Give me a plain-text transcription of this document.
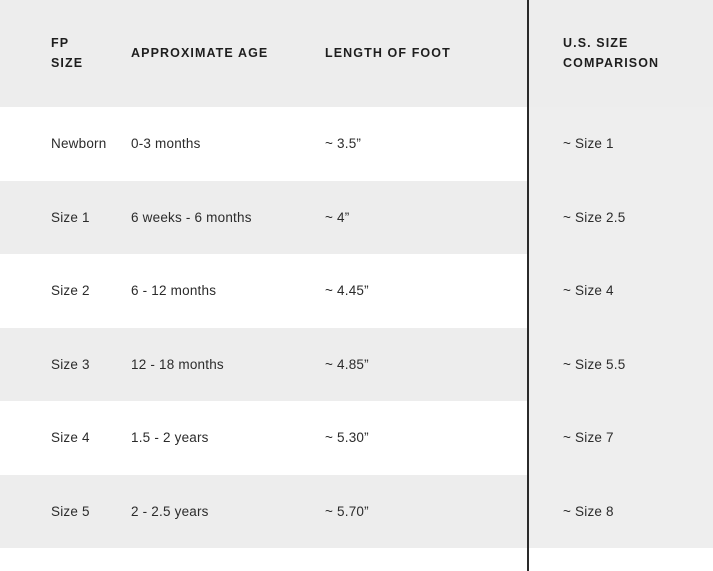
FP SIZE	APPROXIMATE AGE	LENGTH OF FOOT	U.S. SIZE COMPARISON

Newborn	0-3 months	~ 3.5”	~ Size 1

Size 1	6 weeks - 6 months	~ 4”	~ Size 2.5

Size 2	6 - 12 months	~ 4.45”	~ Size 4

Size 3	12 - 18 months	~ 4.85”	~ Size 5.5

Size 4	1.5 - 2 years	~ 5.30”	~ Size 7

Size 5	2 - 2.5 years	~ 5.70”	~ Size 8
